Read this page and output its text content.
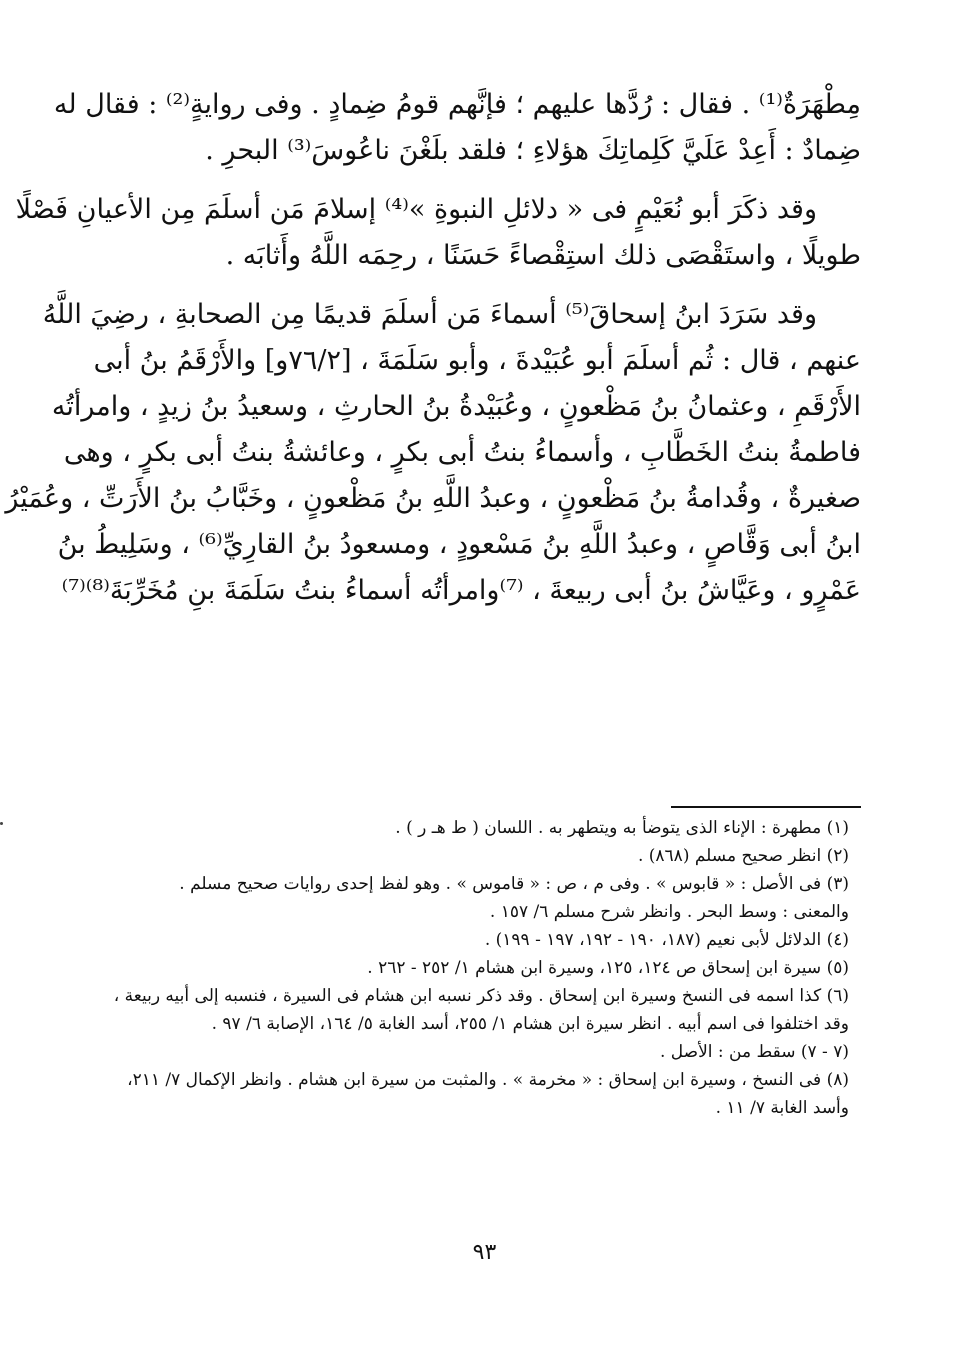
مِطْهَرَةٌ⁽¹⁾ . فقال : رُدَّها عليهم ؛ فإنَّهم قومُ ضِمادٍ . وفى روايةٍ⁽²⁾ : فقال له
ضِمادٌ : أَعِدْ عَلَيَّ كَلِماتِكَ هؤلاءِ ؛ فلقد بلَغْنَ ناعُوسَ⁽³⁾ البحرِ .
وقد ذكَرَ أبو نُعَيْمٍ فى « دلائلِ النبوةِ »⁽⁴⁾ إسلامَ مَن أسلَمَ مِن الأعيانِ فَصْلًا
طويلًا ، واستَقْصَى ذلك استِقْصاءً حَسَنًا ، رحِمَه اللَّهُ وأَثابَه .
وقد سَرَدَ ابنُ إسحاقَ⁽⁵⁾ أسماءَ مَن أسلَمَ قديمًا مِن الصحابةِ ، رضِيَ اللَّهُ
عنهم ، قال : ثُم أسلَمَ أبو عُبَيْدةَ ، وأبو سَلَمَةَ ، [٧٦/٢و] والأَرْقَمُ بنُ أبى
الأَرْقَمِ ، وعثمانُ بنُ مَظْعونٍ ، وعُبَيْدةُ بنُ الحارثِ ، وسعيدُ بنُ زيدٍ ، وامرأتُه
فاطمةُ بنتُ الخَطَّابِ ، وأسماءُ بنتُ أبى بكرٍ ، وعائشةُ بنتُ أبى بكرٍ ، وهى
صغيرةٌ ، وقُدامةُ بنُ مَظْعونٍ ، وعبدُ اللَّهِ بنُ مَظْعونٍ ، وخَبَّابُ بنُ الأَرَتِّ ، وعُمَيْرُ
ابنُ أبى وَقَّاصٍ ، وعبدُ اللَّهِ بنُ مَسْعودٍ ، ومسعودُ بنُ القارِيِّ⁽⁶⁾ ، وسَلِيطُ بنُ
عَمْرٍو ، وعَيَّاشُ بنُ أبى ربيعةَ ، ⁽⁷⁾وامرأتُه أسماءُ بنتُ سَلَمَةَ بنِ مُخَرِّبَةَ⁽⁸⁾⁽⁷⁾
(١) مطهرة : الإناء الذى يتوضأ به ويتطهر به . اللسان ( ط هـ ر ) .
(٢) انظر صحيح مسلم (٨٦٨) .
(٣) فى الأصل : « قابوس » . وفى م ، ص : « قاموس » . وهو لفظ إحدى روايات صحيح مسلم .
والمعنى : وسط البحر . وانظر شرح مسلم ٦/ ١٥٧ .
(٤) الدلائل لأبى نعيم (١٨٧، ١٩٠ - ١٩٢، ١٩٧ - ١٩٩) .
(٥) سيرة ابن إسحاق ص ١٢٤، ١٢٥، وسيرة ابن هشام ١/ ٢٥٢ - ٢٦٢ .
(٦) كذا اسمه فى النسخ وسيرة ابن إسحاق . وقد ذكر نسبه ابن هشام فى السيرة ، فنسبه إلى أبيه ربيعة ،
وقد اختلفوا فى اسم أبيه . انظر سيرة ابن هشام ١/ ٢٥٥، أسد الغابة ٥/ ١٦٤، الإصابة ٦/ ٩٧ .
(٧ - ٧) سقط من : الأصل .
(٨) فى النسخ ، وسيرة ابن إسحاق : « مخرمة » . والمثبت من سيرة ابن هشام . وانظر الإكمال ٧/ ٢١١،
وأسد الغابة ٧/ ١١ .
٩٣
